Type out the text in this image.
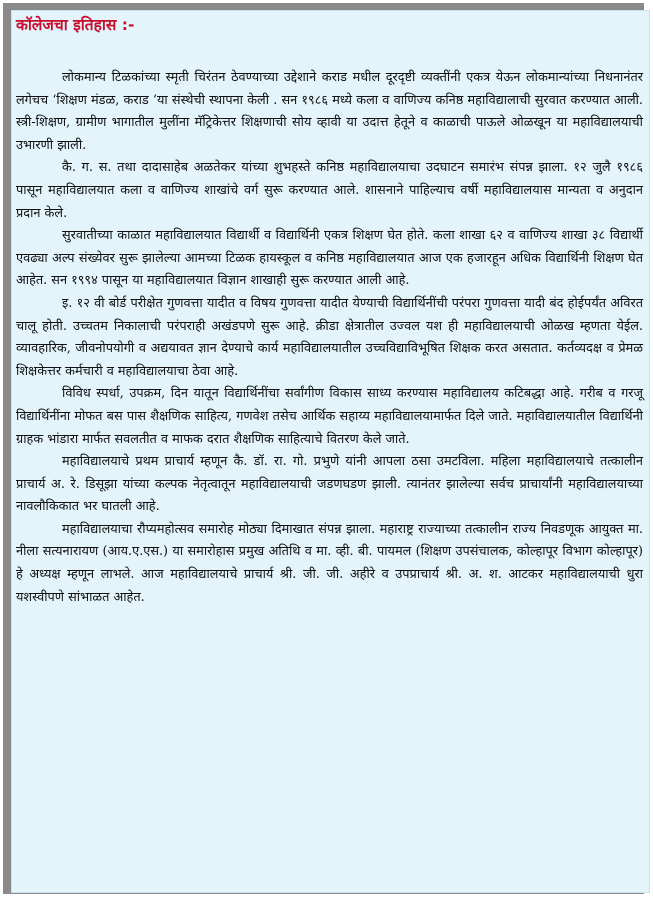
कॉलेजचा इतिहास :-

लोकमान्य टिळकांच्या स्मृती चिरंतन ठेवण्याच्या उद्देशाने कराड मधील दूरदृष्टी व्यक्तींनी एकत्र येऊन लोकमान्यांच्या निधनानंतर लगेचच ‘शिक्षण मंडळ, कराड ‘या संस्थेची स्थापना केली . सन १९८६ मध्ये कला व वाणिज्य कनिष्ठ महाविद्यालाची सुरवात करण्यात आली. स्त्री-शिक्षण, ग्रामीण भागातील मुलींना मॅट्रिकेत्तर शिक्षणाची सोय व्हावी या उदात्त हेतूने व काळाची पाऊले ओळखून या महाविद्यालयाची उभारणी झाली.

कै. ग. स. तथा दादासाहेब अळतेकर यांच्या शुभहस्ते कनिष्ठ महाविद्यालयाचा उदघाटन समारंभ संपन्न झाला. १२ जुलै १९८६ पासून महाविद्यालयात कला व वाणिज्य शाखांचे वर्ग सुरू करण्यात आले. शासनाने पाहिल्याच वर्षी महाविद्यालयास मान्यता व अनुदान प्रदान केले.

सुरवातीच्या काळात महाविद्यालयात विद्यार्थी व विद्यार्थिनी एकत्र शिक्षण घेत होते. कला शाखा ६२ व वाणिज्य शाखा ३८ विद्यार्थी एवढ्या अल्प संख्येवर सुरू झालेल्या आमच्या टिळक हायस्कूल व कनिष्ठ महाविद्यालयात आज एक हजारहून अधिक विद्यार्थिनी शिक्षण घेत आहेत. सन १९९४ पासून या महाविद्यालयात विज्ञान शाखाही सुरू करण्यात आली आहे.

इ. १२ वी बोर्ड परीक्षेत गुणवत्ता यादीत व विषय गुणवत्ता यादीत येण्याची विद्यार्थिनींची परंपरा गुणवत्ता यादी बंद होईपर्यंत अविरत चालू होती. उच्चतम निकालाची परंपराही अखंडपणे सुरू आहे. क्रीडा क्षेत्रातील उज्वल यश ही महाविद्यालयाची ओळख म्हणता येईल. व्यावहारिक, जीवनोपयोगी व अद्ययावत ज्ञान देण्याचे कार्य महाविद्यालयातील उच्चविद्याविभूषित शिक्षक करत असतात. कर्तव्यदक्ष व प्रेमळ शिक्षकेत्तर कर्मचारी व महाविद्यालयाचा ठेवा आहे.

विविध स्पर्धा, उपक्रम, दिन यातून विद्यार्थिनींचा सर्वांगीण विकास साध्य करण्यास महाविद्यालय कटिबद्धा आहे. गरीब व गरजू विद्यार्थिनींना मोफत बस पास शैक्षणिक साहित्य, गणवेश तसेच आर्थिक सहाय्य महाविद्यालयामार्फत दिले जाते. महाविद्यालयातील विद्यार्थिनी ग्राहक भांडारा मार्फत सवलतीत व माफक दरात शैक्षणिक साहित्याचे वितरण केले जाते.

महाविद्यालयाचे प्रथम प्राचार्य म्हणून कै. डॉ. रा. गो. प्रभुणे यांनी आपला ठसा उमटविला. महिला महाविद्यालयाचे तत्कालीन प्राचार्य अ. रे. डिसूझा यांच्या कल्पक नेतृत्वातून महाविद्यालयाची जडणघडण झाली. त्यानंतर झालेल्या सर्वच प्राचार्यांनी महाविद्यालयाच्या नावलौकिकात भर घातली आहे.

महाविद्यालयाचा रौप्यमहोत्सव समारोह मोठ्या दिमाखात संपन्न झाला. महाराष्ट्र राज्याच्या तत्कालीन राज्य निवडणूक आयुक्त मा. नीला सत्यनारायण (आय.ए.एस.) या समारोहास प्रमुख अतिथि व मा. व्ही. बी. पायमल (शिक्षण उपसंचालक, कोल्हापूर विभाग कोल्हापूर) हे अध्यक्ष म्हणून लाभले. आज महाविद्यालयाचे प्राचार्य श्री. जी. जी. अहीरे व उपप्राचार्य श्री. अ. श. आटकर महाविद्यालयाची धुरा यशस्वीपणे सांभाळत आहेत.
